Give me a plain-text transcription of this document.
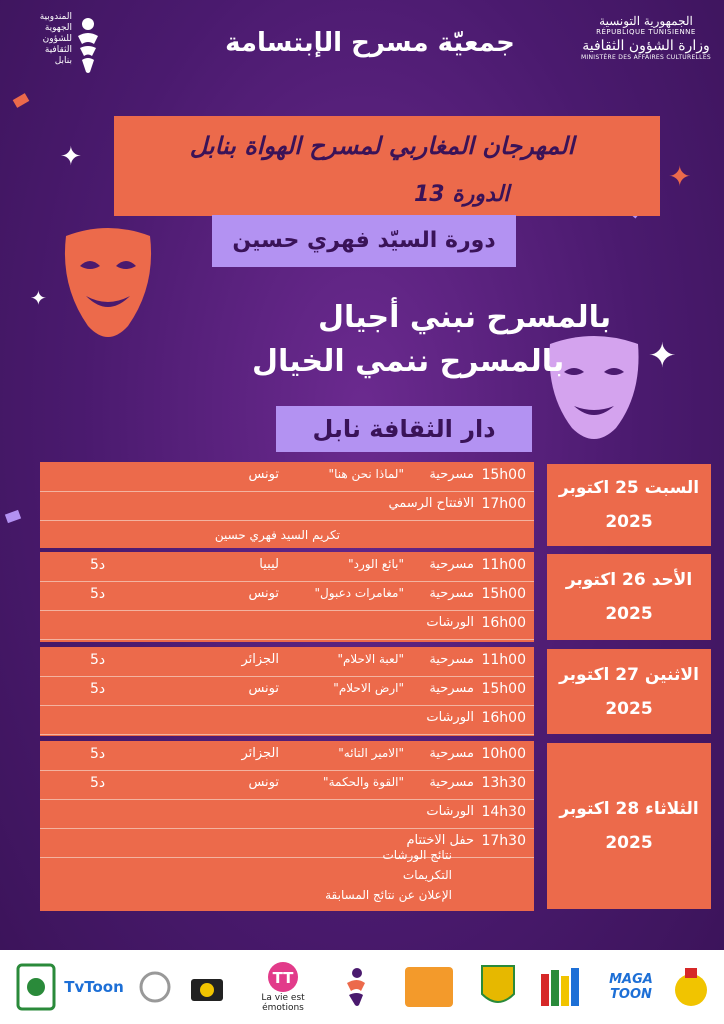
المندوبية
الجهوية
للشؤون
الثقافية
بنابل
جمعيّة مسرح الإبتسامة
الجمهورية التونسية
RÉPUBLIQUE TUNISIENNE
وزارة الشؤون الثقافية
MINISTÈRE DES AFFAIRES CULTURELLES
✦
✦
✦
✦
المهرجان المغاربي لمسرح الهواة بنابل
الدورة 13
دورة السيّد فهري حسين
بالمسرح نبني أجيال
بالمسرح ننمي الخيال
دار الثقافة نابل
السبت 25 اكتوبر
2025
15h00
مسرحية
"لماذا نحن هنا"
تونس
17h00
الافتتاح الرسمي
تكريم السيد فهري حسين
الأحد 26 اكتوبر
2025
11h00
مسرحية
"بائع الورد"
ليبيا
5د
15h00
مسرحية
"مغامرات دعبول"
تونس
5د
16h00
الورشات
الاثنين 27 اكتوبر
2025
11h00
مسرحية
"لعبة الاحلام"
الجزائر
5د
15h00
مسرحية
"ارض الاحلام"
تونس
5د
16h00
الورشات
الثلاثاء 28 اكتوبر
2025
10h00
مسرحية
"الامير التائه"
الجزائر
5د
13h30
مسرحية
"القوة والحكمة"
تونس
5د
14h30
الورشات
17h30
حفل الاختتام
نتائج الورشات
التكريمات
الإعلان عن نتائج المسابقة
TvToon	TT
La vie est émotions
MAGA TOON
